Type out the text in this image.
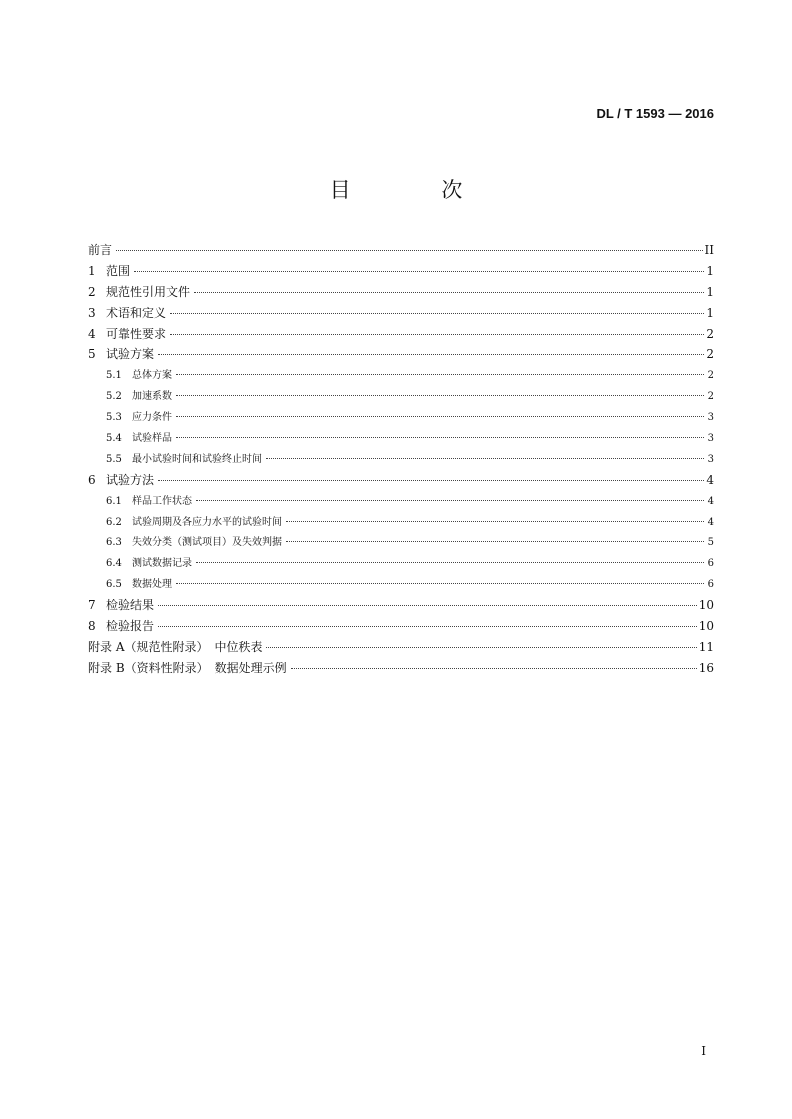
DL / T 1593 — 2016
目 次
前言	II
1 范围	1
2 规范性引用文件	1
3 术语和定义	1
4 可靠性要求	2
5 试验方案	2
5.1	总体方案	2
5.2	加速系数	2
5.3	应力条件	3
5.4	试验样品	3
5.5	最小试验时间和试验终止时间	3
6 试验方法	4
6.1	样品工作状态	4
6.2	试验周期及各应力水平的试验时间	4
6.3	失效分类（测试项目）及失效判据	5
6.4	测试数据记录	6
6.5	数据处理	6
7 检验结果	10
8 检验报告	10
附录 A（规范性附录）　中位秩表	11
附录 B（资料性附录）　数据处理示例	16
I
